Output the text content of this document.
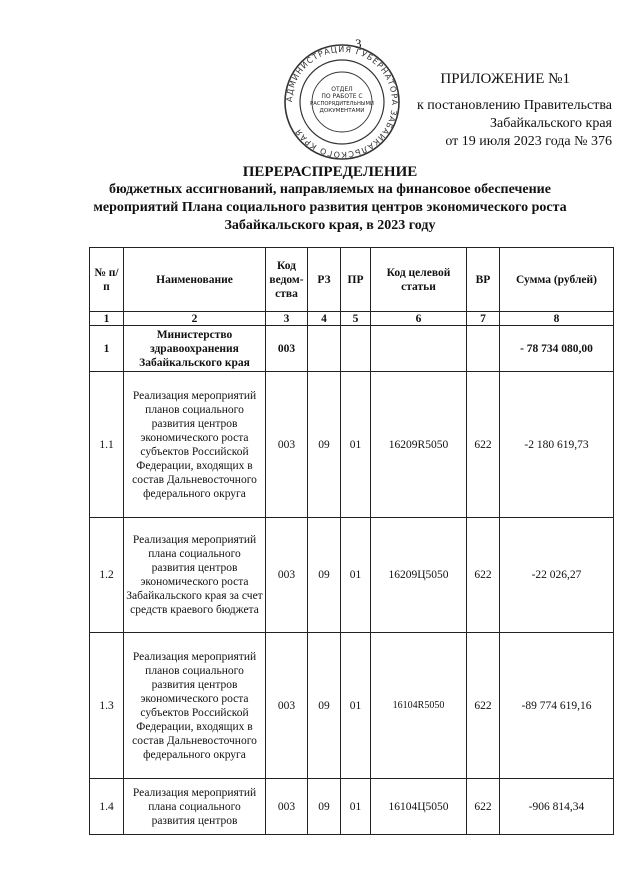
3
АДМИНИСТРАЦИЯ ГУБЕРНАТОРА ЗАБАЙКАЛЬСКОГО КРАЯ
ОТДЕЛ
ПО РАБОТЕ С
РАСПОРЯДИТЕЛЬНЫМИ
ДОКУМЕНТАМИ
ПРИЛОЖЕНИЕ №1
к постановлению Правительства
Забайкальского края
от 19 июля 2023 года № 376
ПЕРЕРАСПРЕДЕЛЕНИЕ
бюджетных ассигнований, направляемых на финансовое обеспечение
мероприятий Плана социального развития центров экономического роста
Забайкальского края, в 2023 году
№ п/п	Наименование	Код ведом-ства	РЗ	ПР	Код целевой статьи	ВР	Сумма (рублей)
1	2	3	4	5	6	7	8
1	Министерство здравоохранения Забайкальского края	003					- 78 734 080,00
1.1	Реализация мероприятий планов социального развития центров экономического роста субъектов Российской Федерации, входящих в состав Дальневосточного федерального округа	003	09	01	16209R5050	622	-2 180 619,73
1.2	Реализация мероприятий плана социального развития центров экономического роста Забайкальского края за счет средств краевого бюджета	003	09	01	16209Ц5050	622	-22 026,27
1.3	Реализация мероприятий планов социального развития центров экономического роста субъектов Российской Федерации, входящих в состав Дальневосточного федерального округа	003	09	01	16104R5050	622	-89 774 619,16
1.4	Реализация мероприятий плана социального развития центров	003	09	01	16104Ц5050	622	-906 814,34
